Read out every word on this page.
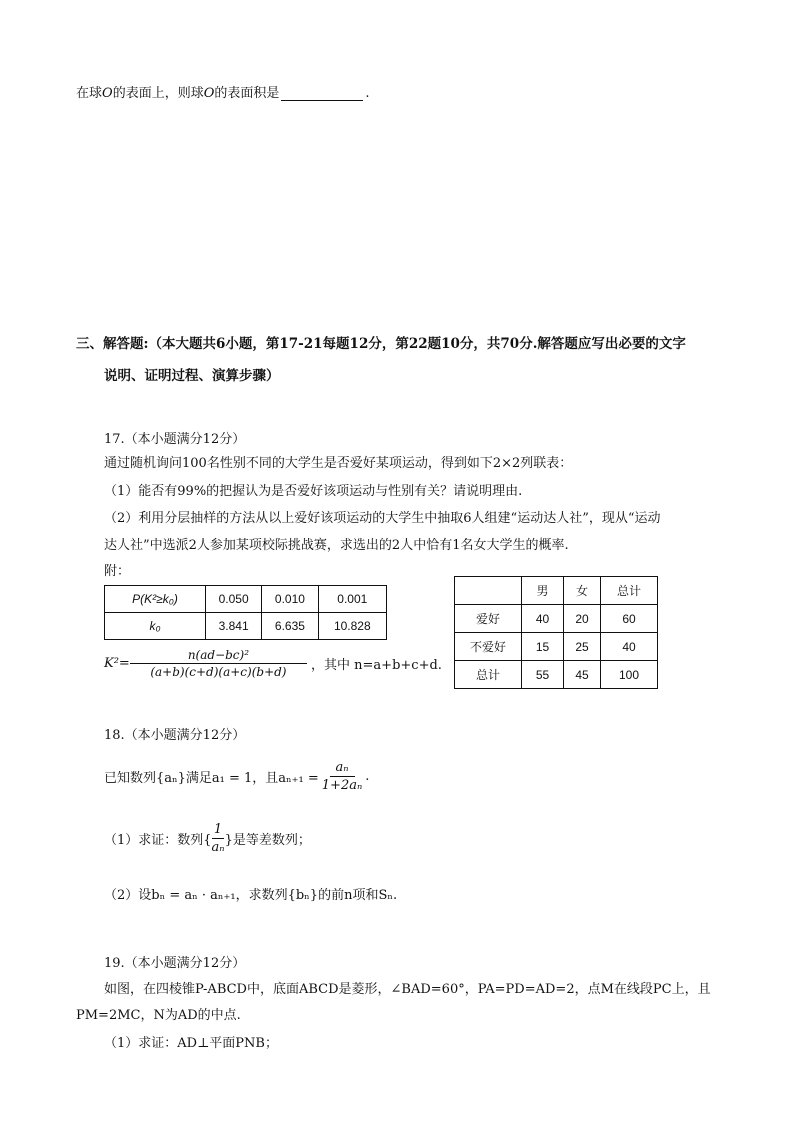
在球O的表面上，则球O的表面积是	.
三、解答题:（本大题共6小题，第17-21每题12分，第22题10分，共70分.解答题应写出必要的文字
说明、证明过程、演算步骤）
17.（本小题满分12分）
通过随机询问100名性别不同的大学生是否爱好某项运动，得到如下2×2列联表：
（1）能否有99%的把握认为是否爱好该项运动与性别有关？请说明理由.
（2）利用分层抽样的方法从以上爱好该项运动的大学生中抽取6人组建“运动达人社”，现从“运动
达人社”中选派2人参加某项校际挑战赛，求选出的2人中恰有1名女大学生的概率.
附：
P(K²≥k₀)	0.050	0.010	0.001
k₀	3.841	6.635	10.828
$K^2= \frac{\text{n(ad−bc)²}}{(a+b)(c+d)(a+c)(b+d)}$ ，其中 n=a+b+c+d.
	男	女	总计
爱好	40	20	60
不爱好	15	25	40
总计	55	45	100
18.（本小题满分12分）
已知数列{aₙ}满足a₁ = 1，且$a_{n+1} = \frac{\text{aₙ}}{\text{1+2aₙ}}$ .
（1）求证：数列{ $\frac{1}{\text{aₙ}}$ }是等差数列；
（2）设bₙ = aₙ · aₙ₊₁，求数列{bₙ}的前n项和Sₙ.
19.（本小题满分12分）
如图，在四棱锥P-ABCD中，底面ABCD是菱形，∠BAD=60°，PA=PD=AD=2，点M在线段PC上，且
PM=2MC，N为AD的中点.
（1）求证：AD⊥平面PNB；
